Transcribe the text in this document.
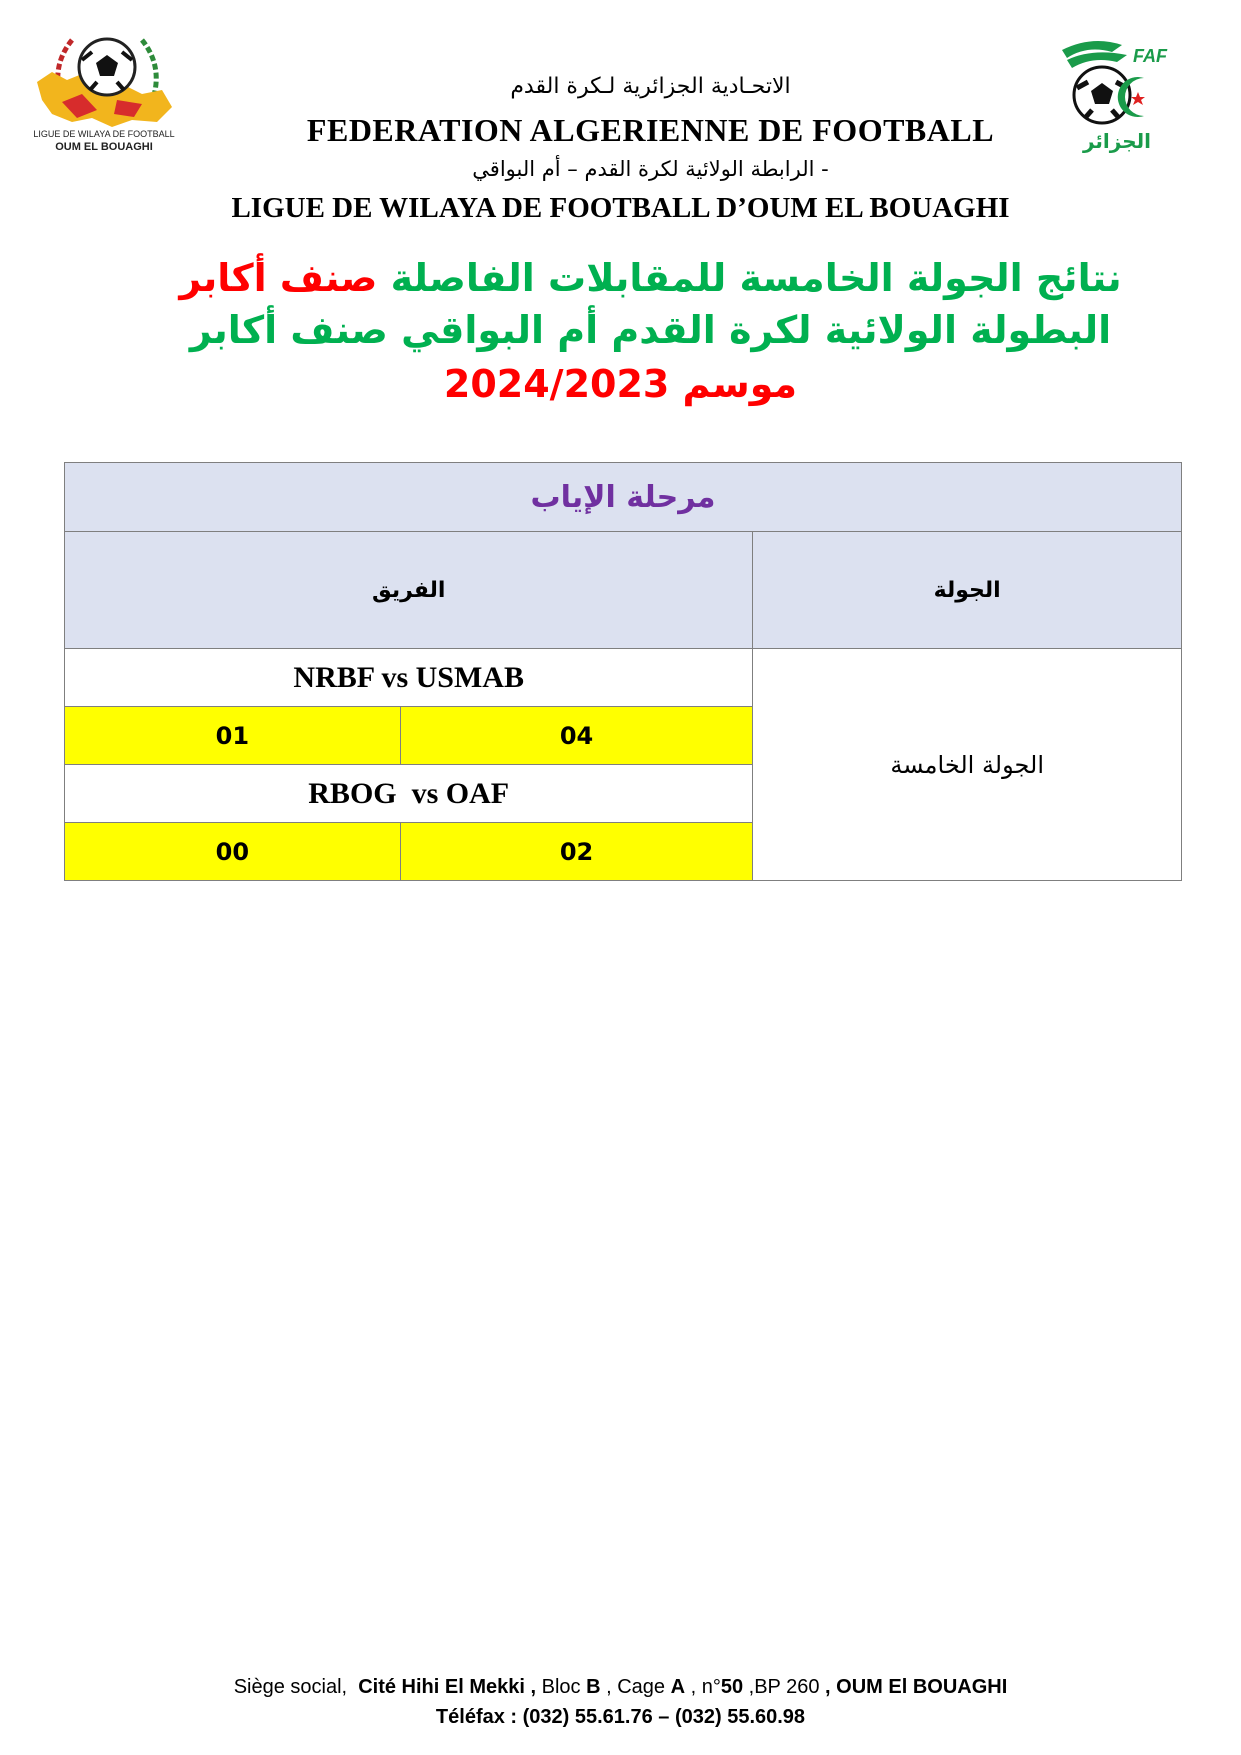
LIGUE DE WILAYA DE FOOTBALL
OUM EL BOUAGHI
FAF
الجزائر
الاتحـادية الجزائرية لـكرة القدم
FEDERATION ALGERIENNE DE FOOTBALL
الرابطة الولائية لكرة القدم – أم البواقي -
LIGUE DE WILAYA DE FOOTBALL D’OUM EL BOUAGHI
نتائج الجولة الخامسة للمقابلات الفاصلة صنف أكابر
البطولة الولائية لكرة القدم أم البواقي صنف أكابر
موسم 2024/2023
مرحلة الإياب		
الفريق		الجولة
NRBF vs USMAB		الجولة الخامسة
01	04	
RBOG  vs OAF		
00	02	
Siège social,  Cité Hihi El Mekki , Bloc B , Cage A , n°50 ,BP 260 , OUM El BOUAGHI
Téléfax : (032) 55.61.76 – (032) 55.60.98
